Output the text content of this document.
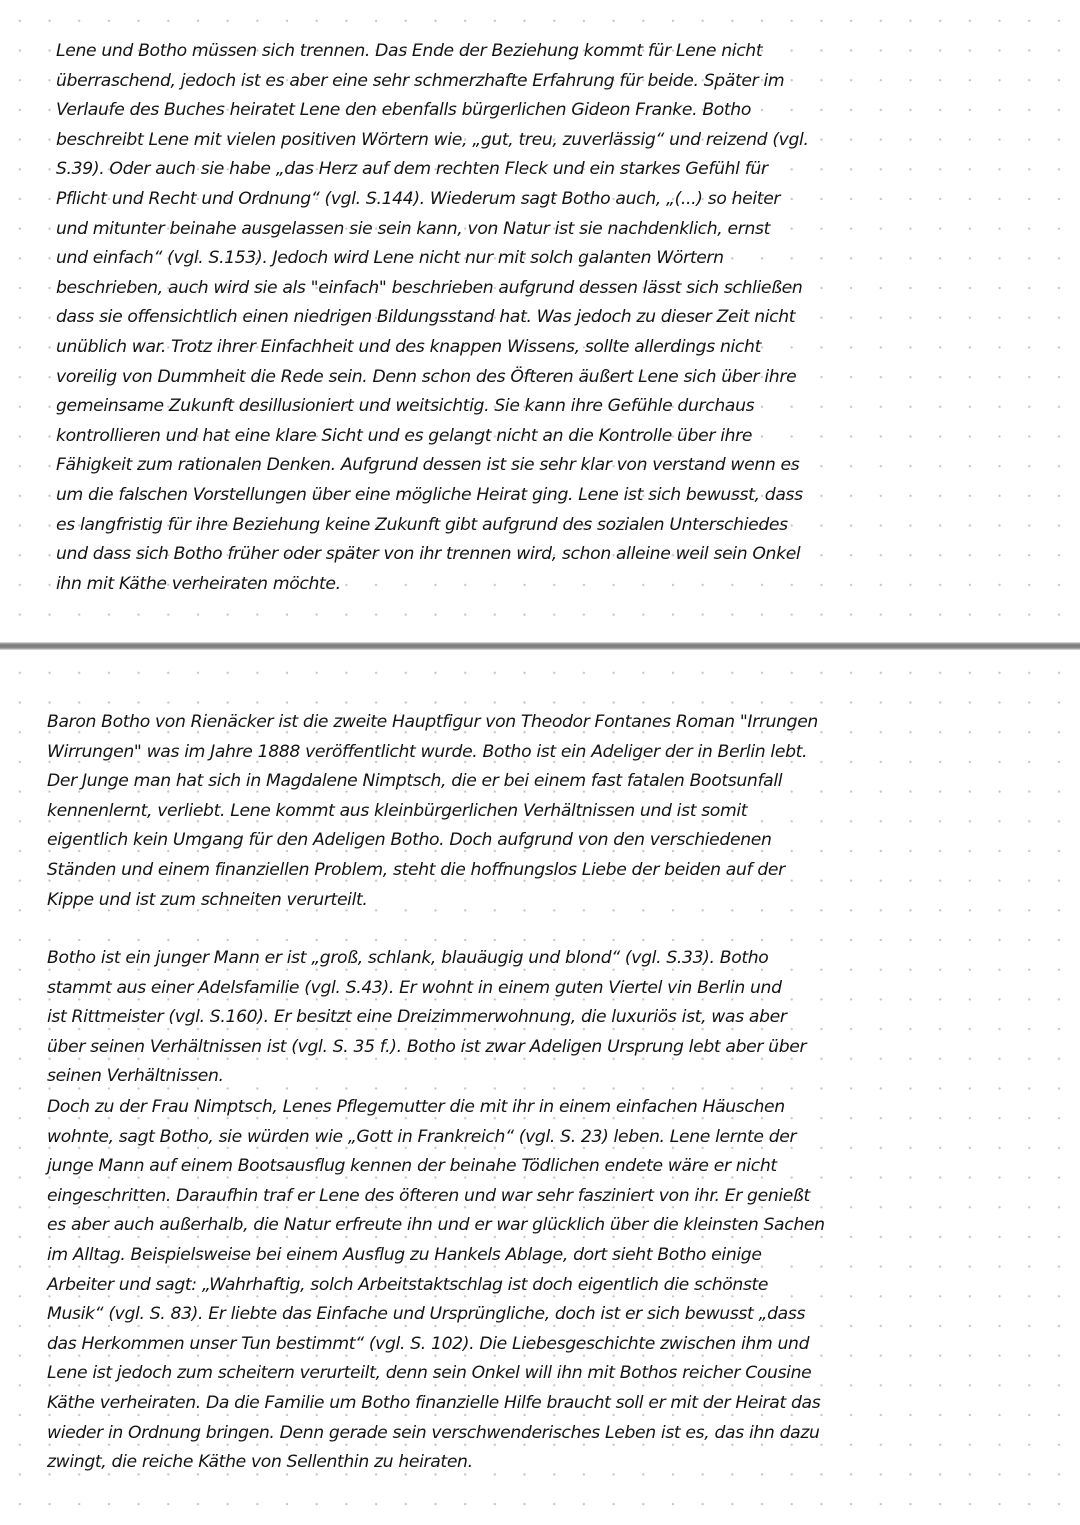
Lene und Botho müssen sich trennen. Das Ende der Beziehung kommt für Lene nicht
überraschend, jedoch ist es aber eine sehr schmerzhafte Erfahrung für beide. Später im
Verlaufe des Buches heiratet Lene den ebenfalls bürgerlichen Gideon Franke. Botho
beschreibt Lene mit vielen positiven Wörtern wie, „gut, treu, zuverlässig“ und reizend (vgl.
S.39). Oder auch sie habe „das Herz auf dem rechten Fleck und ein starkes Gefühl für
Pflicht und Recht und Ordnung“ (vgl. S.144). Wiederum sagt Botho auch, „(...) so heiter
und mitunter beinahe ausgelassen sie sein kann, von Natur ist sie nachdenklich, ernst
und einfach“ (vgl. S.153). Jedoch wird Lene nicht nur mit solch galanten Wörtern
beschrieben, auch wird sie als "einfach" beschrieben aufgrund dessen lässt sich schließen
dass sie offensichtlich einen niedrigen Bildungsstand hat. Was jedoch zu dieser Zeit nicht
unüblich war. Trotz ihrer Einfachheit und des knappen Wissens, sollte allerdings nicht
voreilig von Dummheit die Rede sein. Denn schon des Öfteren äußert Lene sich über ihre
gemeinsame Zukunft desillusioniert und weitsichtig. Sie kann ihre Gefühle durchaus
kontrollieren und hat eine klare Sicht und es gelangt nicht an die Kontrolle über ihre
Fähigkeit zum rationalen Denken. Aufgrund dessen ist sie sehr klar von verstand wenn es
um die falschen Vorstellungen über eine mögliche Heirat ging. Lene ist sich bewusst, dass
es langfristig für ihre Beziehung keine Zukunft gibt aufgrund des sozialen Unterschiedes
und dass sich Botho früher oder später von ihr trennen wird, schon alleine weil sein Onkel
ihn mit Käthe verheiraten möchte.
Baron Botho von Rienäcker ist die zweite Hauptfigur von Theodor Fontanes Roman "Irrungen
Wirrungen" was im Jahre 1888 veröffentlicht wurde. Botho ist ein Adeliger der in Berlin lebt.
Der Junge man hat sich in Magdalene Nimptsch, die er bei einem fast fatalen Bootsunfall
kennenlernt, verliebt. Lene kommt aus kleinbürgerlichen Verhältnissen und ist somit
eigentlich kein Umgang für den Adeligen Botho. Doch aufgrund von den verschiedenen
Ständen und einem finanziellen Problem, steht die hoffnungslos Liebe der beiden auf der
Kippe und ist zum schneiten verurteilt.
Botho ist ein junger Mann er ist „groß, schlank, blauäugig und blond“ (vgl. S.33). Botho
stammt aus einer Adelsfamilie (vgl. S.43). Er wohnt in einem guten Viertel vin Berlin und
ist Rittmeister (vgl. S.160). Er besitzt eine Dreizimmerwohnung, die luxuriös ist, was aber
über seinen Verhältnissen ist (vgl. S. 35 f.). Botho ist zwar Adeligen Ursprung lebt aber über
seinen Verhältnissen.
Doch zu der Frau Nimptsch, Lenes Pflegemutter die mit ihr in einem einfachen Häuschen
wohnte, sagt Botho, sie würden wie „Gott in Frankreich“ (vgl. S. 23) leben. Lene lernte der
junge Mann auf einem Bootsausflug kennen der beinahe Tödlichen endete wäre er nicht
eingeschritten. Daraufhin traf er Lene des öfteren und war sehr fasziniert von ihr. Er genießt
es aber auch außerhalb, die Natur erfreute ihn und er war glücklich über die kleinsten Sachen
im Alltag. Beispielsweise bei einem Ausflug zu Hankels Ablage, dort sieht Botho einige
Arbeiter und sagt: „Wahrhaftig, solch Arbeitstaktschlag ist doch eigentlich die schönste
Musik“ (vgl. S. 83). Er liebte das Einfache und Ursprüngliche, doch ist er sich bewusst „dass
das Herkommen unser Tun bestimmt“ (vgl. S. 102). Die Liebesgeschichte zwischen ihm und
Lene ist jedoch zum scheitern verurteilt, denn sein Onkel will ihn mit Bothos reicher Cousine
Käthe verheiraten. Da die Familie um Botho finanzielle Hilfe braucht soll er mit der Heirat das
wieder in Ordnung bringen. Denn gerade sein verschwenderisches Leben ist es, das ihn dazu
zwingt, die reiche Käthe von Sellenthin zu heiraten.
